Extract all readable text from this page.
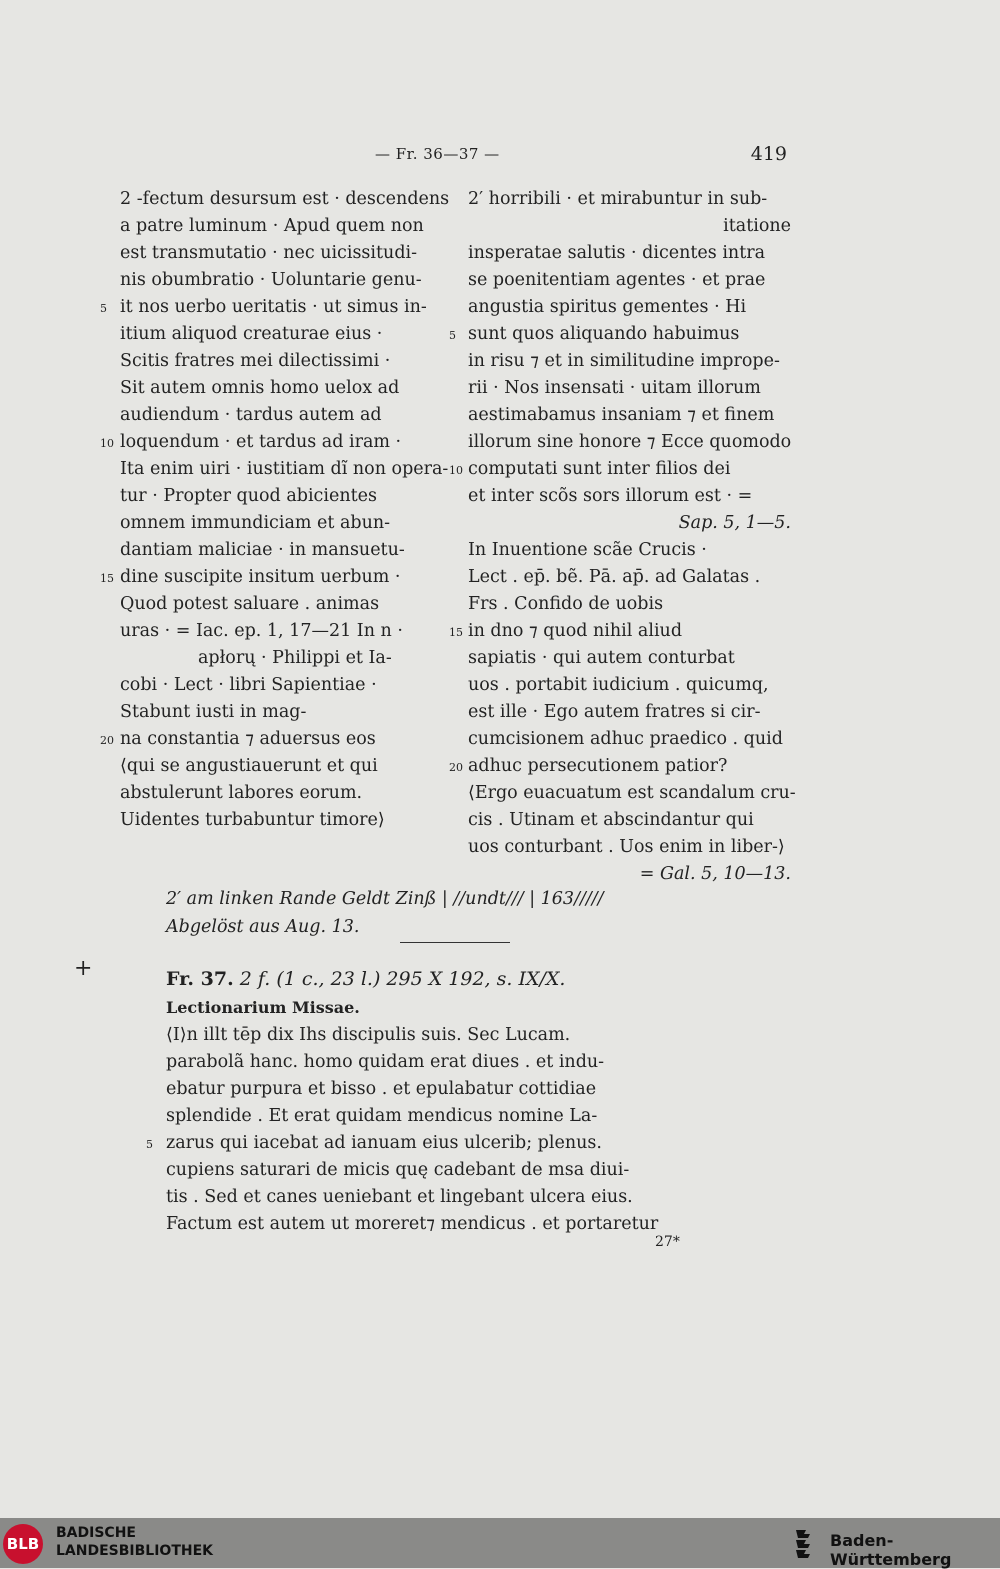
— Fr. 36—37 —	419
2 -fectum desursum est · descendens
a patre luminum · Apud quem non
est transmutatio · nec uicissitudi-
nis obumbratio · Uoluntarie genu-
5 it nos uerbo ueritatis · ut simus in-
itium aliquod creaturae eius ·
Scitis fratres mei dilectissimi ·
Sit autem omnis homo uelox ad
audiendum · tardus autem ad
10 loquendum · et tardus ad iram ·
Ita enim uiri · iustitiam dĩ non opera-
tur · Propter quod abicientes
omnem immundiciam et abun-
dantiam maliciae · in mansuetu-
15 dine suscipite insitum uerbum ·
Quod potest saluare . animas
uras · = Iac. ep. 1, 17—21 In n ·
apłorų · Philippi et Ia-
cobi · Lect · libri Sapientiae ·
Stabunt iusti in mag-
20 na constantia ⁊ aduersus eos
⟨qui se angustiauerunt et qui
abstulerunt labores eorum.
Uidentes turbabuntur timore⟩
2′ horribili · et mirabuntur in sub-
itatione
insperatae salutis · dicentes intra
se poenitentiam agentes · et prae
angustia spiritus gementes · Hi
5 sunt quos aliquando habuimus
in risu ⁊ et in similitudine imprope-
rii · Nos insensati · uitam illorum
aestimabamus insaniam ⁊ et finem
illorum sine honore ⁊ Ecce quomodo
10 computati sunt inter filios dei
et inter scõs sors illorum est · =
Sap. 5, 1—5.
In Inuentione scãe Crucis ·
Lect . ep̄. bẽ. Pā. ap̄. ad Galatas .
Frs . Confido de uobis
15 in dno ⁊ quod nihil aliud
sapiatis · qui autem conturbat
uos . portabit iudicium . quicumq,
est ille · Ego autem fratres si cir-
cumcisionem adhuc praedico . quid
20 adhuc persecutionem patior?
⟨Ergo euacuatum est scandalum cru-
cis . Utinam et abscindantur qui
uos conturbant . Uos enim in liber-⟩
= Gal. 5, 10—13.
2′ am linken Rande Geldt Zinß | //undt/// | 163/////
Abgelöst aus Aug. 13.
+	Fr. 37. 2 f. (1 c., 23 l.) 295 X 192, s. IX/X.
Lectionarium Missae.
⟨I⟩n illt tēp dix Ihs discipulis suis. Sec Lucam.
parabolã hanc. homo quidam erat diues . et indu-
ebatur purpura et bisso . et epulabatur cottidiae
splendide . Et erat quidam mendicus nomine La-
5 zarus qui iacebat ad ianuam eius ulcerib; plenus.
cupiens saturari de micis quę cadebant de msa diui-
tis . Sed et canes ueniebant et lingebant ulcera eius.
Factum est autem ut moreret⁊ mendicus . et portaretur
27*
BLB
BADISCHE
LANDESBIBLIOTHEK
Baden-Württemberg
